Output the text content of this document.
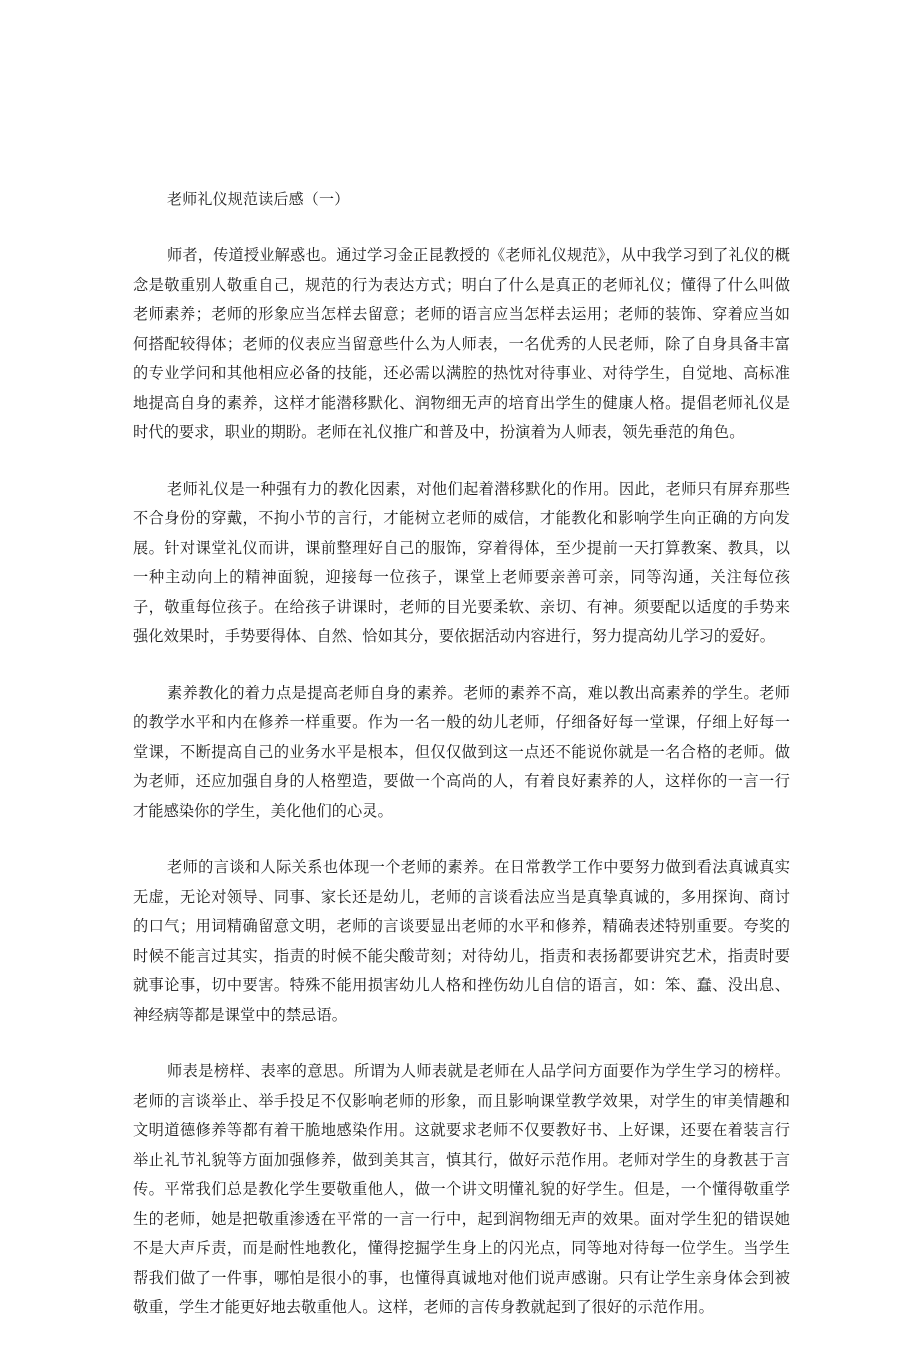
老师礼仪规范读后感（一）

师者，传道授业解惑也。通过学习金正昆教授的《老师礼仪规范》，从中我学习到了礼仪的概念是敬重别人敬重自己，规范的行为表达方式；明白了什么是真正的老师礼仪；懂得了什么叫做老师素养；老师的形象应当怎样去留意；老师的语言应当怎样去运用；老师的装饰、穿着应当如何搭配较得体；老师的仪表应当留意些什么为人师表，一名优秀的人民老师，除了自身具备丰富的专业学问和其他相应必备的技能，还必需以满腔的热忱对待事业、对待学生，自觉地、高标准地提高自身的素养，这样才能潜移默化、润物细无声的培育出学生的健康人格。提倡老师礼仪是时代的要求，职业的期盼。老师在礼仪推广和普及中，扮演着为人师表，领先垂范的角色。

老师礼仪是一种强有力的教化因素，对他们起着潜移默化的作用。因此，老师只有屏弃那些不合身份的穿戴，不拘小节的言行，才能树立老师的威信，才能教化和影响学生向正确的方向发展。针对课堂礼仪而讲，课前整理好自己的服饰，穿着得体，至少提前一天打算教案、教具，以一种主动向上的精神面貌，迎接每一位孩子，课堂上老师要亲善可亲，同等沟通，关注每位孩子，敬重每位孩子。在给孩子讲课时，老师的目光要柔软、亲切、有神。须要配以适度的手势来强化效果时，手势要得体、自然、恰如其分，要依据活动内容进行，努力提高幼儿学习的爱好。

素养教化的着力点是提高老师自身的素养。老师的素养不高，难以教出高素养的学生。老师的教学水平和内在修养一样重要。作为一名一般的幼儿老师，仔细备好每一堂课，仔细上好每一堂课，不断提高自己的业务水平是根本，但仅仅做到这一点还不能说你就是一名合格的老师。做为老师，还应加强自身的人格塑造，要做一个高尚的人，有着良好素养的人，这样你的一言一行才能感染你的学生，美化他们的心灵。

老师的言谈和人际关系也体现一个老师的素养。在日常教学工作中要努力做到看法真诚真实无虚，无论对领导、同事、家长还是幼儿，老师的言谈看法应当是真挚真诚的，多用探询、商讨的口气；用词精确留意文明，老师的言谈要显出老师的水平和修养，精确表述特别重要。夸奖的时候不能言过其实，指责的时候不能尖酸苛刻；对待幼儿，指责和表扬都要讲究艺术，指责时要就事论事，切中要害。特殊不能用损害幼儿人格和挫伤幼儿自信的语言，如：笨、蠢、没出息、神经病等都是课堂中的禁忌语。

师表是榜样、表率的意思。所谓为人师表就是老师在人品学问方面要作为学生学习的榜样。老师的言谈举止、举手投足不仅影响老师的形象，而且影响课堂教学效果，对学生的审美情趣和文明道德修养等都有着干脆地感染作用。这就要求老师不仅要教好书、上好课，还要在着装言行举止礼节礼貌等方面加强修养，做到美其言，慎其行，做好示范作用。老师对学生的身教甚于言传。平常我们总是教化学生要敬重他人，做一个讲文明懂礼貌的好学生。但是，一个懂得敬重学生的老师，她是把敬重渗透在平常的一言一行中，起到润物细无声的效果。面对学生犯的错误她不是大声斥责，而是耐性地教化，懂得挖掘学生身上的闪光点，同等地对待每一位学生。当学生帮我们做了一件事，哪怕是很小的事，也懂得真诚地对他们说声感谢。只有让学生亲身体会到被敬重，学生才能更好地去敬重他人。这样，老师的言传身教就起到了很好的示范作用。
